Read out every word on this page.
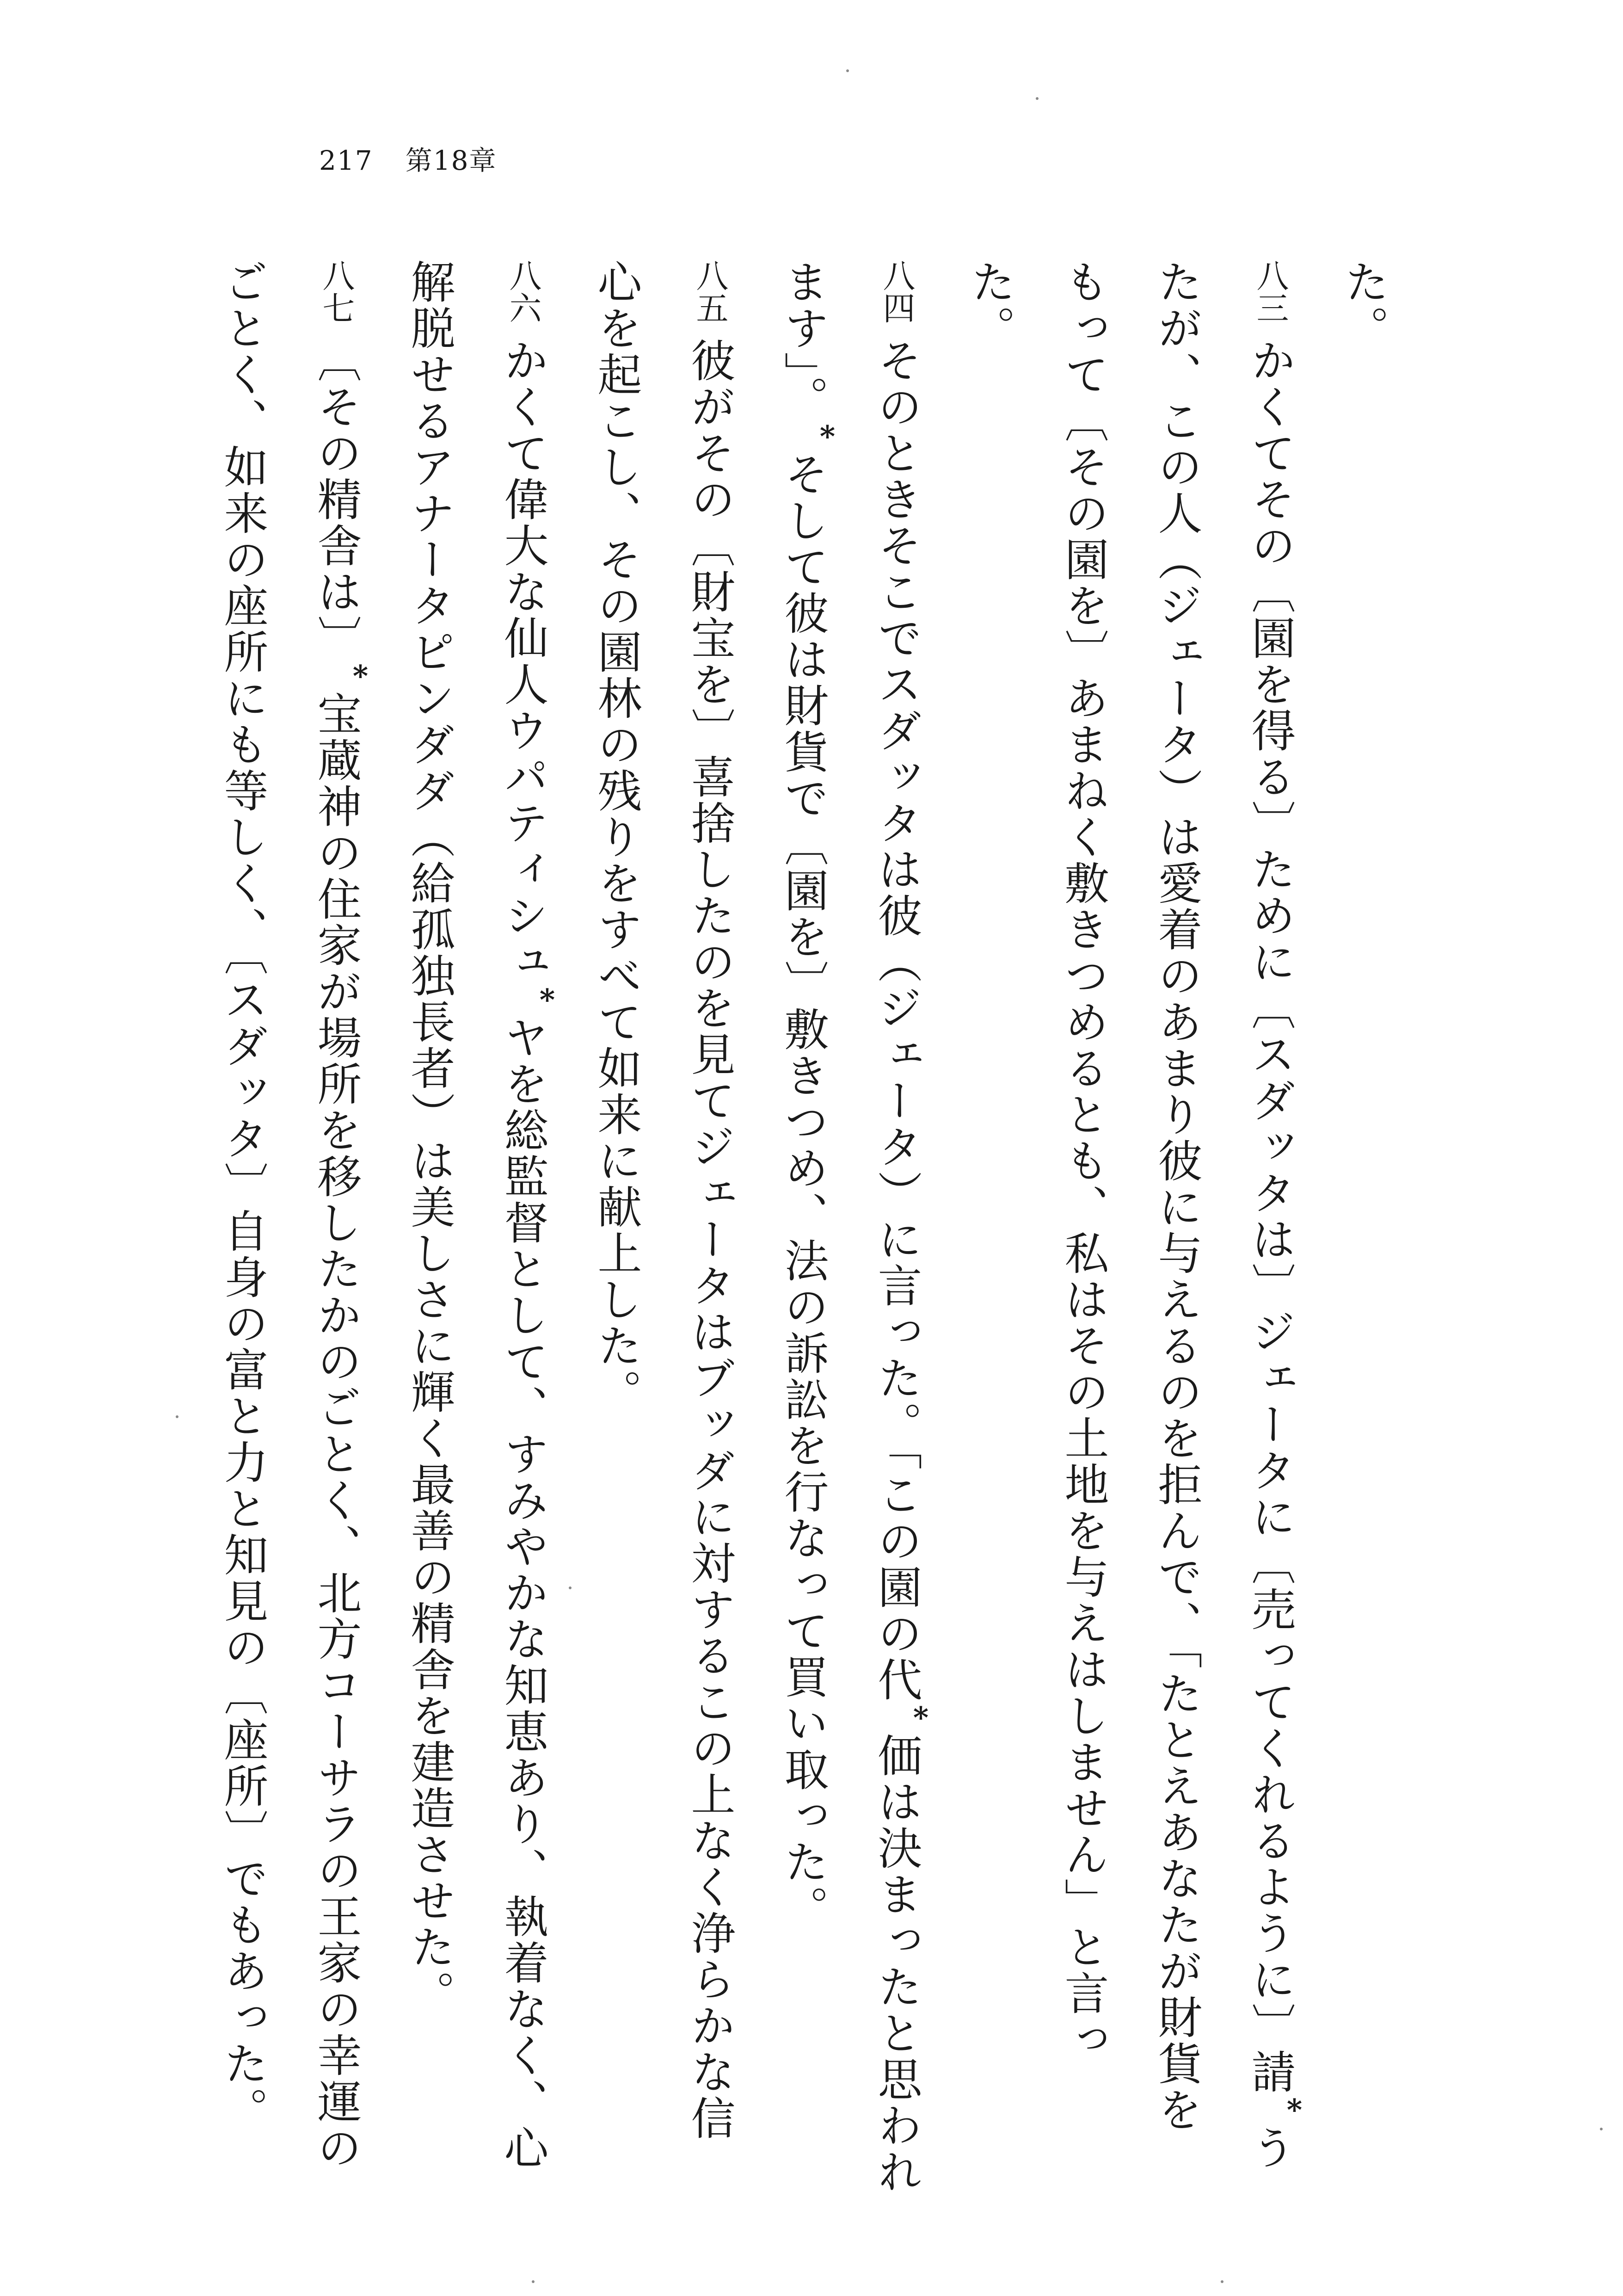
217 第18章
た。
八三かくてその〔園を得る〕ために〔スダッタは〕ジェータに〔売ってくれるように〕請*う
たが、この人（ジェータ）は愛着のあまり彼に与えるのを拒んで、「たとえあなたが財貨を
もって〔その園を〕あまねく敷きつめるとも、私はその土地を与えはしません」と言っ
た。
八四そのときそこでスダッタは彼（ジェータ）に言った。「この園の代*価は決まったと思われ
ます」。*そして彼は財貨で〔園を〕敷きつめ、法の訴訟を行なって買い取った。
八五彼がその〔財宝を〕喜捨したのを見てジェータはブッダに対するこの上なく浄らかな信
心を起こし、その園林の残りをすべて如来に献上した。
八六かくて偉大な仙人ウパティシュ*ヤを総監督として、すみやかな知恵あり、執着なく、心
解脱せるアナータピンダダ（給孤独長者）は美しさに輝く最善の精舎を建造させた。
八七〔その精舎は〕*宝蔵神の住家が場所を移したかのごとく、北方コーサラの王家の幸運の
ごとく、如来の座所にも等しく、〔スダッタ〕自身の富と力と知見の〔座所〕でもあった。
